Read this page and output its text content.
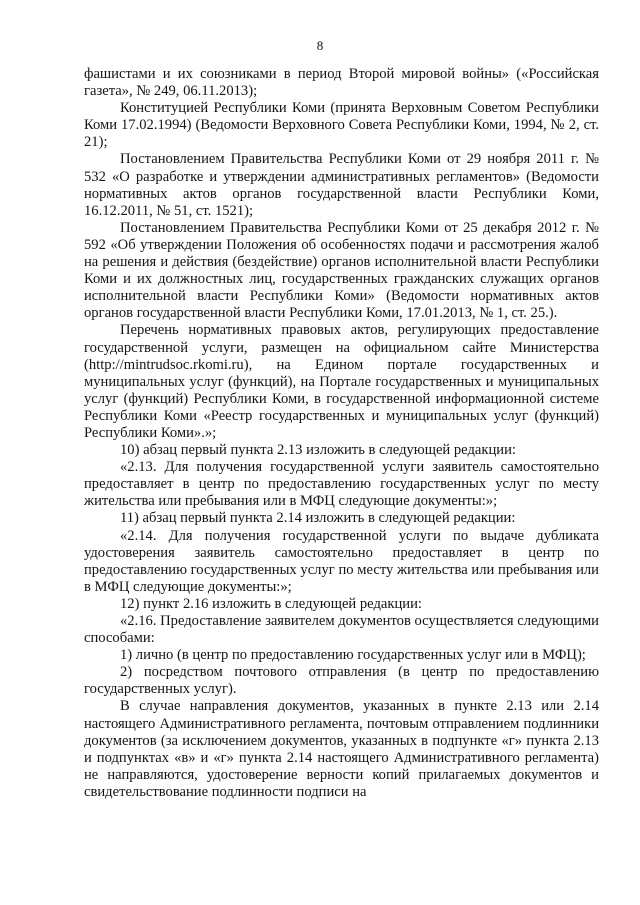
8

фашистами и их союзниками в период Второй мировой войны» («Российская газета», № 249, 06.11.2013);

Конституцией Республики Коми (принята Верховным Советом Республики Коми 17.02.1994) (Ведомости Верховного Совета Республики Коми, 1994, № 2, ст. 21);

Постановлением Правительства Республики Коми от 29 ноября 2011 г. № 532 «О разработке и утверждении административных регламентов» (Ведомости нормативных актов органов государственной власти Республики Коми, 16.12.2011, № 51, ст. 1521);

Постановлением Правительства Республики Коми от 25 декабря 2012 г. № 592 «Об утверждении Положения об особенностях подачи и рассмотрения жалоб на решения и действия (бездействие) органов исполнительной власти Республики Коми и их должностных лиц, государственных гражданских служащих органов исполнительной власти Республики Коми» (Ведомости нормативных актов органов государственной власти Республики Коми, 17.01.2013, № 1, ст. 25.).

Перечень нормативных правовых актов, регулирующих предоставление государственной услуги, размещен на официальном сайте Министерства (http://mintrudsoc.rkomi.ru), на Едином портале государственных и муниципальных услуг (функций), на Портале государственных и муниципальных услуг (функций) Республики Коми, в государственной информационной системе Республики Коми «Реестр государственных и муниципальных услуг (функций) Республики Коми».»;

10) абзац первый пункта 2.13 изложить в следующей редакции:

«2.13. Для получения государственной услуги заявитель самостоятельно предоставляет в центр по предоставлению государственных услуг по месту жительства или пребывания или в МФЦ следующие документы:»;

11) абзац первый пункта 2.14 изложить в следующей редакции:

«2.14. Для получения государственной услуги по выдаче дубликата удостоверения заявитель самостоятельно предоставляет в центр по предоставлению государственных услуг по месту жительства или пребывания или в МФЦ следующие документы:»;

12) пункт 2.16 изложить в следующей редакции:

«2.16. Предоставление заявителем документов осуществляется следующими способами:

1) лично (в центр по предоставлению государственных услуг или в МФЦ);

2) посредством почтового отправления (в центр по предоставлению государственных услуг).

В случае направления документов, указанных в пункте 2.13 или 2.14 настоящего Административного регламента, почтовым отправлением подлинники документов (за исключением документов, указанных в подпункте «г» пункта 2.13 и подпунктах «в» и «г» пункта 2.14 настоящего Административного регламента) не направляются, удостоверение верности копий прилагаемых документов и свидетельствование подлинности подписи на
